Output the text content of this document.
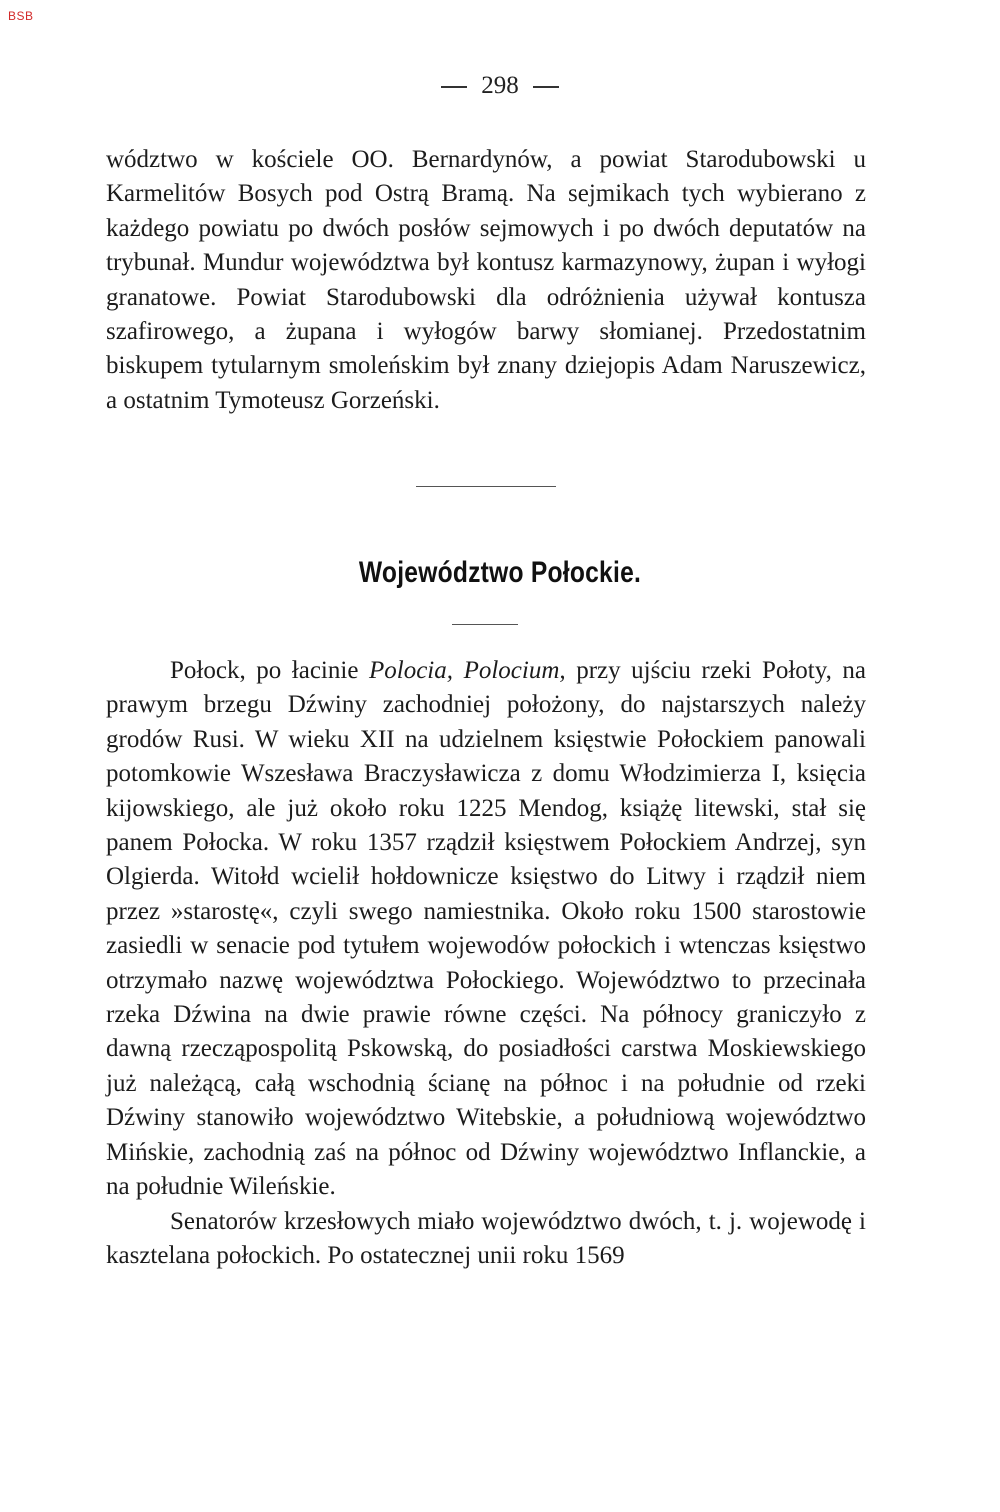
BSB
298

wództwo w kościele OO. Bernardynów, a powiat Starodubowski u Karmelitów Bosych pod Ostrą Bramą. Na sejmikach tych wybierano z każdego powiatu po dwóch posłów sejmowych i po dwóch deputatów na trybunał. Mundur województwa był kontusz karmazynowy, żupan i wyłogi granatowe. Powiat Starodubowski dla odróżnienia używał kontusza szafirowego, a żupana i wyłogów barwy słomianej. Przedostatnim biskupem tytularnym smoleńskim był znany dziejopis Adam Naruszewicz, a ostatnim Tymoteusz Gorzeński.

Województwo Połockie.

Połock, po łacinie Polocia, Polocium, przy ujściu rzeki Połoty, na prawym brzegu Dźwiny zachodniej położony, do najstarszych należy grodów Rusi. W wieku XII na udzielnem księstwie Połockiem panowali potomkowie Wszesława Braczysławicza z domu Włodzimierza I, księcia kijowskiego, ale już około roku 1225 Mendog, książę litewski, stał się panem Połocka. W roku 1357 rządził księstwem Połockiem Andrzej, syn Olgierda. Witołd wcielił hołdownicze księstwo do Litwy i rządził niem przez »starostę«, czyli swego namiestnika. Około roku 1500 starostowie zasiedli w senacie pod tytułem wojewodów połockich i wtenczas księstwo otrzymało nazwę województwa Połockiego. Województwo to przecinała rzeka Dźwina na dwie prawie równe części. Na północy graniczyło z dawną rzecząpospolitą Pskowską, do posiadłości carstwa Moskiewskiego już należącą, całą wschodnią ścianę na północ i na południe od rzeki Dźwiny stanowiło województwo Witebskie, a południową województwo Mińskie, zachodnią zaś na północ od Dźwiny województwo Inflanckie, a na południe Wileńskie.

Senatorów krzesłowych miało województwo dwóch, t. j. wojewodę i kasztelana połockich. Po ostatecznej unii roku 1569
